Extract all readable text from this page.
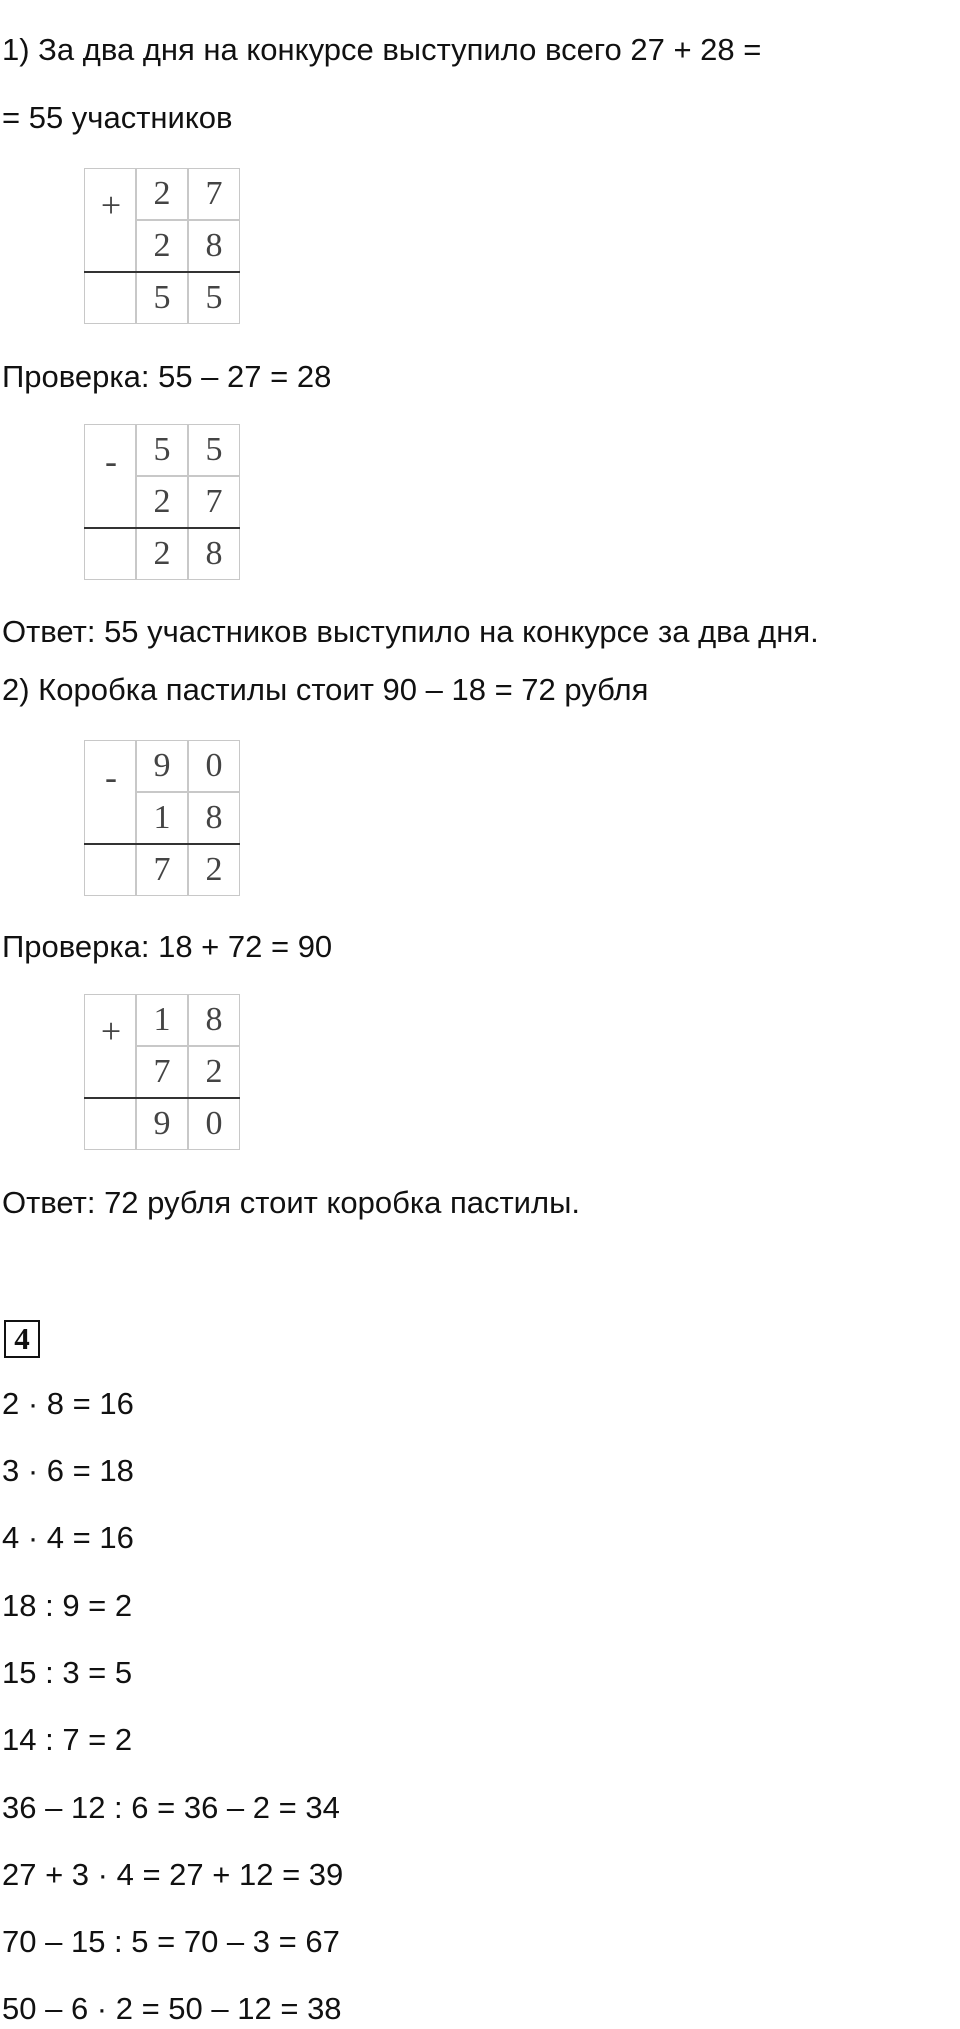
1) За два дня на конкурсе выступило всего 27 + 28 =
= 55 участников
+ 2	7
2	8
5	5
Проверка: 55 – 27 = 28
-	5	5
2	7
2	8
Ответ: 55 участников выступило на конкурсе за два дня.
2) Коробка пастилы стоит 90 – 18 = 72 рубля
-	9	0
1	8
7	2
Проверка: 18 + 72 = 90
+ 1	8
7	2
9	0
Ответ: 72 рубля стоит коробка пастилы.
4
2 · 8 = 16
3 · 6 = 18
4 · 4 = 16
18 : 9 = 2
15 : 3 = 5
14 : 7 = 2
36 – 12 : 6 = 36 – 2 = 34
27 + 3 · 4 = 27 + 12 = 39
70 – 15 : 5 = 70 – 3 = 67
50 – 6 · 2 = 50 – 12 = 38
